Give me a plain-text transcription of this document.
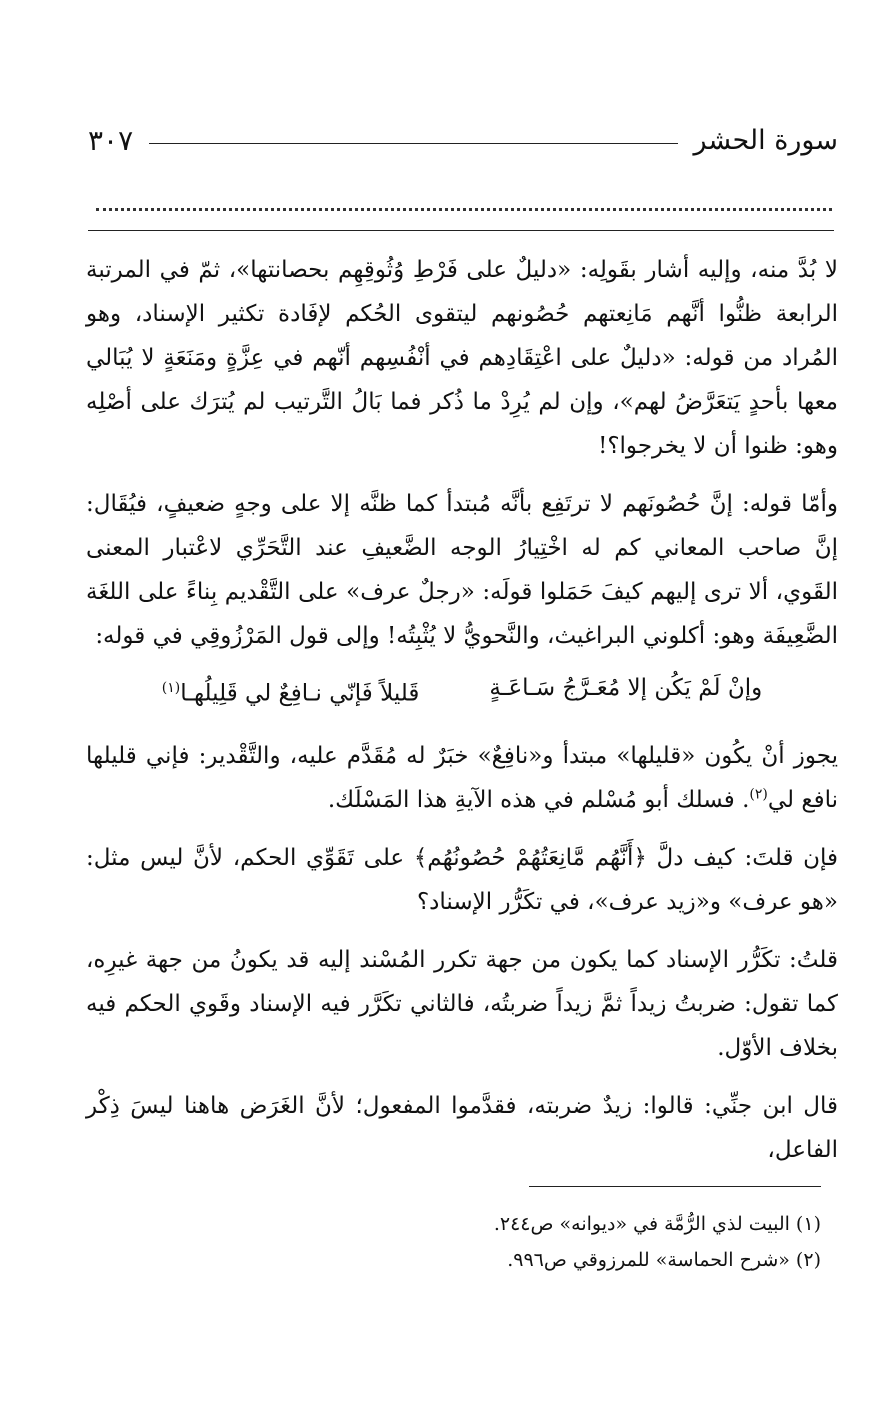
سورة الحشر
٣٠٧

لا بُدَّ منه، وإليه أشار بقَولِه: «دليلٌ على فَرْطِ وُثُوقِهِم بحصانتها»، ثمّ في المرتبة الرابعة ظنُّوا أنَّهم مَانِعتهم حُصُونهم ليتقوى الحُكم لإفَادة تكثير الإسناد، وهو المُراد من قوله: «دليلٌ على اعْتِقَادِهم في أنْفُسِهم أنّهم في عِزَّةٍ ومَنَعَةٍ لا يُبَالي معها بأحدٍ يَتعَرَّضُ لهم»، وإن لم يُرِدْ ما ذُكر فما بَالُ التَّرتيب لم يُترَك على أصْلِه وهو: ظنوا أن لا يخرجوا؟!

وأمّا قوله: إنَّ حُصُونَهم لا ترتَفِع بأنَّه مُبتدأ كما ظنَّه إلا على وجهٍ ضعيفٍ، فيُقَال: إنَّ صاحب المعاني كم له اخْتِيارُ الوجه الضَّعيفِ عند التَّحَرِّي لاعْتبار المعنى القَوي، ألا ترى إليهم كيفَ حَمَلوا قولَه: «رجلٌ عرف» على التَّقْديم بِناءً على اللغَة الضَّعِيفَة وهو: أكلوني البراغيث، والنَّحويُّ لا يُثْبِتُه! وإلى قول المَرْزُوقِي في قوله:

وإنْ لَمْ يَكُن إلا مُعَـرَّجُ سَـاعَـةٍ
قَليلاً فَإنّي نـافِعٌ لي قَلِيلُهـا$^{(١)}$

يجوز أنْ يكُون «قليلها» مبتدأ و«نافِعٌ» خبَرٌ له مُقَدَّم عليه، والتَّقْدير: فإني قليلها نافع لي$^{(٢)}$. فسلك أبو مُسْلم في هذه الآيةِ هذا المَسْلَك.

فإن قلتَ: كيف دلَّ ﴿أَنَّهُم مَّانِعَتُهُمْ حُصُونُهُم﴾ على تَقَوِّي الحكم، لأنَّ ليس مثل: «هو عرف» و«زيد عرف»، في تكَرُّر الإسناد؟

قلتُ: تكَرُّر الإسناد كما يكون من جهة تكرر المُسْند إليه قد يكونُ من جهة غيرِه، كما تقول: ضربتُ زيداً ثمَّ زيداً ضربتُه، فالثاني تكَرَّر فيه الإسناد وقَوي الحكم فيه بخلاف الأوّل.

قال ابن جنِّي: قالوا: زيدٌ ضربته، فقدَّموا المفعول؛ لأنَّ الغَرَض هاهنا ليسَ ذِكْر الفاعل،

(١) البيت لذي الرُّمَّة في «ديوانه» ص٢٤٤.

(٢) «شرح الحماسة» للمرزوقي ص٩٩٦.
